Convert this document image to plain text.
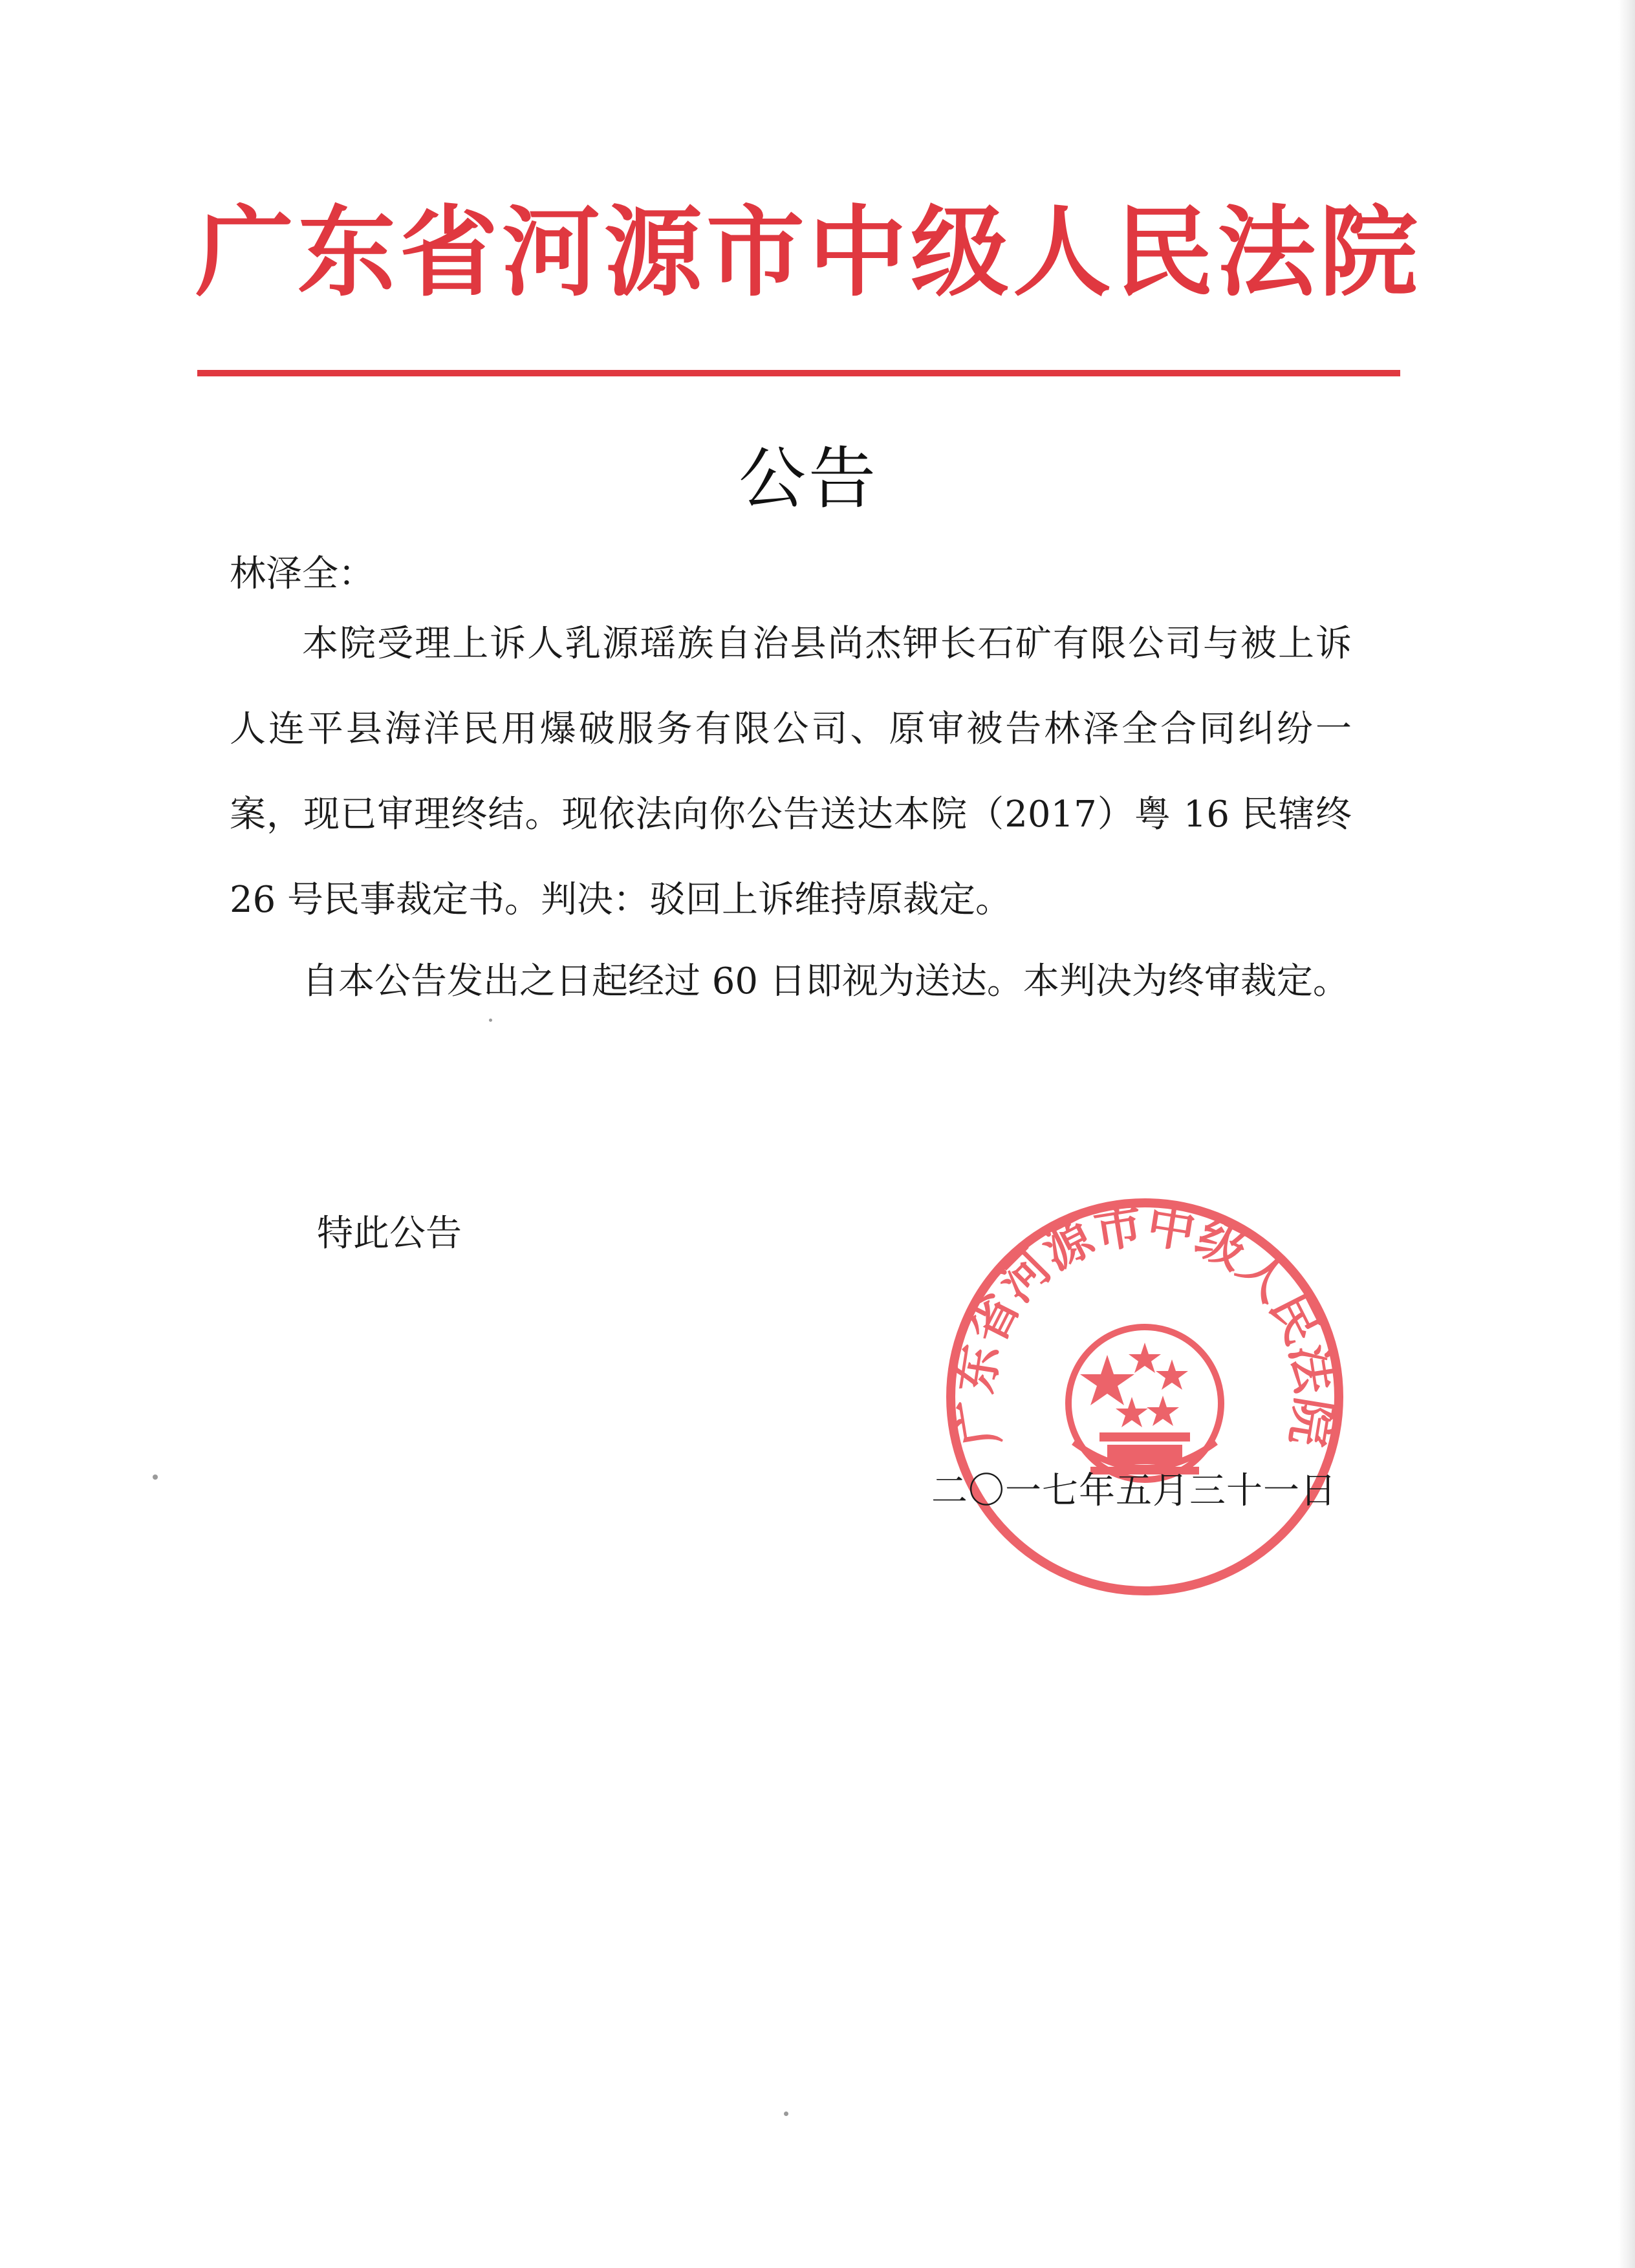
广东省河源市中级人民法院
公告
林泽全：
本院受理上诉人乳源瑶族自治县尚杰钾长石矿有限公司与被上诉人连平县海洋民用爆破服务有限公司、原审被告林泽全合同纠纷一案，现已审理终结。现依法向你公告送达本院（2017）粤 16 民辖终 26 号民事裁定书。判决：驳回上诉维持原裁定。
自本公告发出之日起经过 60 日即视为送达。本判决为终审裁定。
特此公告
广东省河源市中级人民法院
二〇一七年五月三十一日
